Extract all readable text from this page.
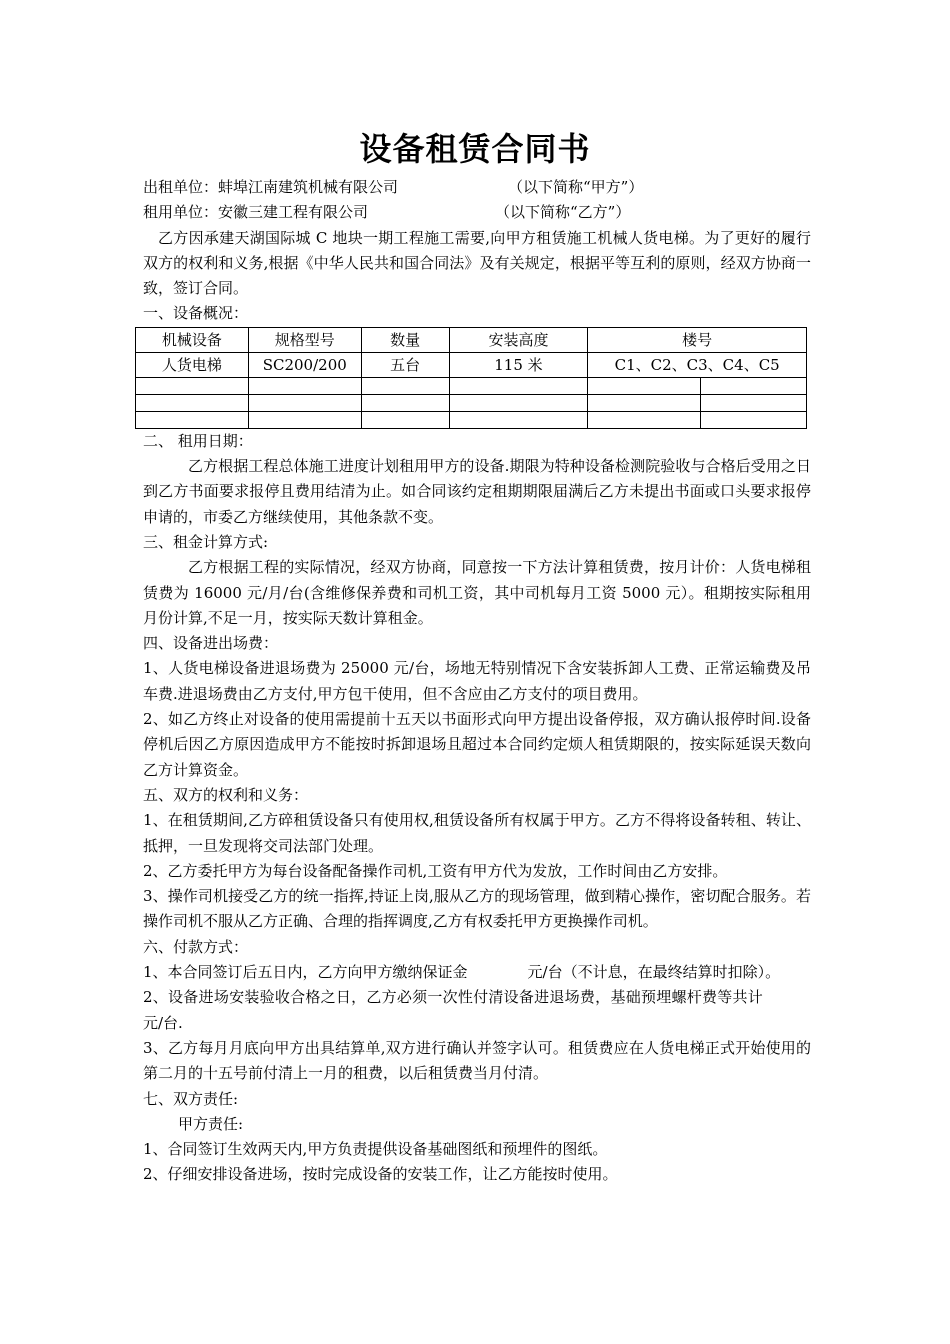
设备租赁合同书
出租单位：蚌埠江南建筑机械有限公司	（以下简称“甲方”）
租用单位：安徽三建工程有限公司	（以下简称“乙方”）

乙方因承建天湖国际城 C 地块一期工程施工需要,向甲方租赁施工机械人货电梯。为了更好的履行双方的权利和义务,根据《中华人民共和国合同法》及有关规定，根据平等互利的原则，经双方协商一致，签订合同。

一、设备概况：

机械设备	规格型号	数量	安装高度	楼号	
人货电梯	SC200/200	五台	115 米	C1、C2、C3、C4、C5	

二、 租用日期：

乙方根据工程总体施工进度计划租用甲方的设备.期限为特种设备检测院验收与合格后受用之日到乙方书面要求报停且费用结清为止。如合同该约定租期期限届满后乙方未提出书面或口头要求报停申请的，市委乙方继续使用，其他条款不变。

三、租金计算方式:

乙方根据工程的实际情况，经双方协商，同意按一下方法计算租赁费，按月计价：人货电梯租赁费为 16000 元/月/台(含维修保养费和司机工资，其中司机每月工资 5000 元）。租期按实际租用月份计算,不足一月，按实际天数计算租金。

四、设备进出场费：

1、人货电梯设备进退场费为 25000 元/台，场地无特别情况下含安装拆卸人工费、正常运输费及吊车费.进退场费由乙方支付,甲方包干使用，但不含应由乙方支付的项目费用。

2、如乙方终止对设备的使用需提前十五天以书面形式向甲方提出设备停报，双方确认报停时间.设备停机后因乙方原因造成甲方不能按时拆卸退场且超过本合同约定烦人租赁期限的，按实际延误天数向乙方计算资金。

五、双方的权利和义务：

1、在租赁期间,乙方碎租赁设备只有使用权,租赁设备所有权属于甲方。乙方不得将设备转租、转让、抵押，一旦发现将交司法部门处理。

2、乙方委托甲方为每台设备配备操作司机,工资有甲方代为发放，工作时间由乙方安排。

3、操作司机接受乙方的统一指挥,持证上岗,服从乙方的现场管理，做到精心操作，密切配合服务。若操作司机不服从乙方正确、合理的指挥调度,乙方有权委托甲方更换操作司机。

六、付款方式：

1、本合同签订后五日内，乙方向甲方缴纳保证金	元/台（不计息，在最终结算时扣除）。

2、设备进场安装验收合格之日，乙方必须一次性付清设备进退场费，基础预埋螺杆费等共计元/台.

3、乙方每月月底向甲方出具结算单,双方进行确认并签字认可。租赁费应在人货电梯正式开始使用的第二月的十五号前付清上一月的租费，以后租赁费当月付清。

七、双方责任:

甲方责任:

1、合同签订生效两天内,甲方负责提供设备基础图纸和预埋件的图纸。

2、仔细安排设备进场，按时完成设备的安装工作，让乙方能按时使用。
